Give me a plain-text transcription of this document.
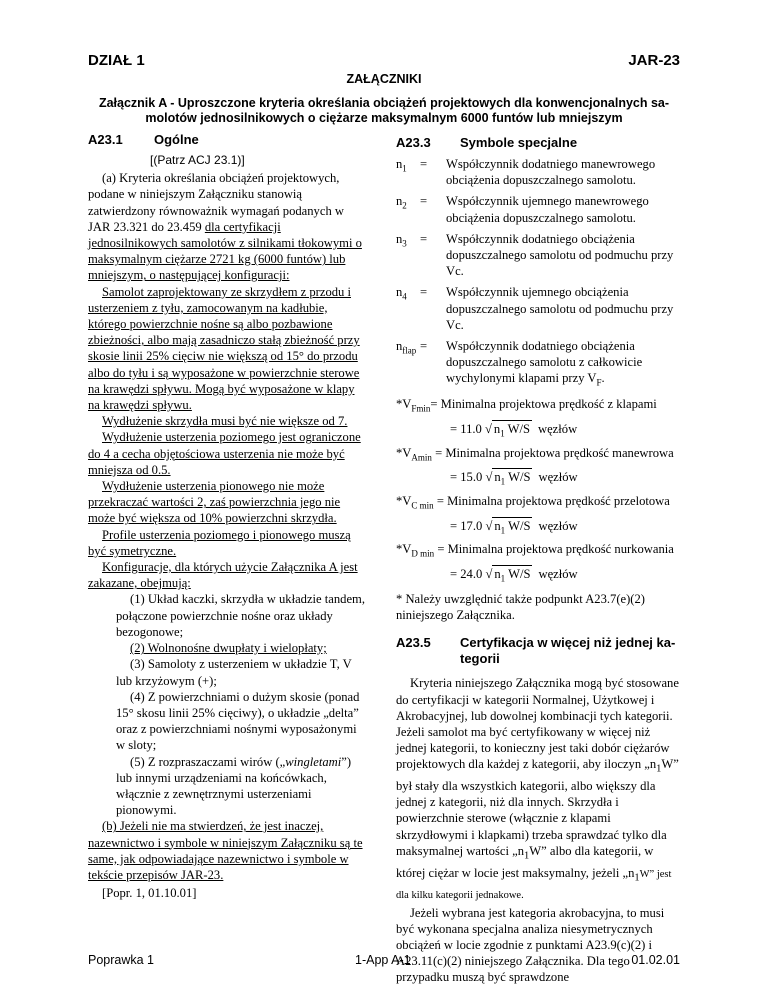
DZIAŁ 1	JAR-23
ZAŁĄCZNIKI
Załącznik A - Uproszczone kryteria określania obciążeń projektowych dla konwencjonalnych sa-
molotów jednosilnikowych o ciężarze maksymalnym 6000 funtów lub mniejszym
A23.1 Ogólne

[(Patrz ACJ 23.1)]

(a) Kryteria określania obciążeń projektowych, podane w niniejszym Załączniku stanowią zatwierdzony równoważnik wymagań podanych w JAR 23.321 do 23.459 dla certyfikacji jednosilnikowych samolotów z silnikami tłokowymi o maksymalnym ciężarze 2721 kg (6000 funtów) lub mniejszym, o następującej konfiguracji:

Samolot zaprojektowany ze skrzydłem z przodu i usterzeniem z tyłu, zamocowanym na kadłubie, którego powierzchnie nośne są albo pozbawione zbieżności, albo mają zasadniczo stałą zbieżność przy skosie linii 25% cięciw nie większą od 15° do przodu albo do tyłu i są wyposażone w powierzchnie sterowe na krawędzi spływu. Mogą być wyposażone w klapy na krawędzi spływu.

Wydłużenie skrzydła musi być nie większe od 7.

Wydłużenie usterzenia poziomego jest ograniczone do 4 a cecha objętościowa usterzenia nie może być mniejsza od 0.5.

Wydłużenie usterzenia pionowego nie może przekraczać wartości 2, zaś powierzchnia jego nie może być większa od 10% powierzchni skrzydła.

Profile usterzenia poziomego i pionowego muszą być symetryczne.

Konfiguracje, dla których użycie Załącznika A jest zakazane, obejmują:

(1) Układ kaczki, skrzydła w układzie tandem, połączone powierzchnie nośne oraz układy bezogonowe;

(2) Wolnonośne dwupłaty i wielopłaty;

(3) Samoloty z usterzeniem w układzie T, V lub krzyżowym (+);

(4) Z powierzchniami o dużym skosie (ponad 15° skosu linii 25% cięciwy), o układzie „delta” oraz z powierzchniami nośnymi wyposażonymi w sloty;

(5) Z rozpraszaczami wirów („wingletami”) lub innymi urządzeniami na końcówkach, włącznie z zewnętrznymi usterzeniami pionowymi.

(b) Jeżeli nie ma stwierdzeń, że jest inaczej, nazewnictwo i symbole w niniejszym Załączniku są te same, jak odpowiadające nazewnictwo i symbole w tekście przepisów JAR-23.

[Popr. 1, 01.10.01]

A23.3 Symbole specjalne
$n_1$ = Współczynnik dodatniego manewrowego obciążenia dopuszczalnego samolotu.
$n_2$ = Współczynnik ujemnego manewrowego obciążenia dopuszczalnego samolotu.
$n_3$ = Współczynnik dodatniego obciążenia dopuszczalnego samolotu od podmuchu przy Vc.
$n_4$ = Współczynnik ujemnego obciążenia dopuszczalnego samolotu od podmuchu przy Vc.
$n_{flap}$ = Współczynnik dodatniego obciążenia dopuszczalnego samolotu z całkowicie wychylonymi klapami przy $V_F$.

$*V_{Fmin}=$ Minimalna projektowa prędkość z klapami

= 11.0 √ $n_1$ W/S węzłów

$*V_{Amin}$ = Minimalna projektowa prędkość manewrowa

= 15.0 √ $n_1$ W/S węzłów

$*V_{C min}$ = Minimalna projektowa prędkość przelotowa

= 17.0 √ $n_1$ W/S węzłów

$*V_{D min}$ = Minimalna projektowa prędkość nurkowania

= 24.0 √ $n_1$ W/S węzłów

* Należy uwzględnić także podpunkt A23.7(e)(2) niniejszego Załącznika.

A23.5 Certyfikacja w więcej niż jednej ka-
tegorii

Kryteria niniejszego Załącznika mogą być stosowane do certyfikacji w kategorii Normalnej, Użytkowej i Akrobacyjnej, lub dowolnej kombinacji tych kategorii. Jeżeli samolot ma być certyfikowany w więcej niż jednej kategorii, to konieczny jest taki dobór ciężarów projektowych dla każdej z kategorii, aby iloczyn $„n_1W$” był stały dla wszystkich kategorii, albo większy dla jednej z kategorii, niż dla innych. Skrzydła i powierzchnie sterowe (włącznie z klapami skrzydłowymi i klapkami) trzeba sprawdzać tylko dla maksymalnej wartości $„n_1W$” albo dla kategorii, w której ciężar w locie jest maksymalny, jeżeli $„n_1W$” jest dla kilku kategorii jednakowe.

Jeżeli wybrana jest kategoria akrobacyjna, to musi być wykonana specjalna analiza niesymetrycznych obciążeń w locie zgodnie z punktami A23.9(c)(2) i A23.11(c)(2) niniejszego Załącznika. Dla tego przypadku muszą być sprawdzone

Poprawka 1	1-App A-1	01.02.01
